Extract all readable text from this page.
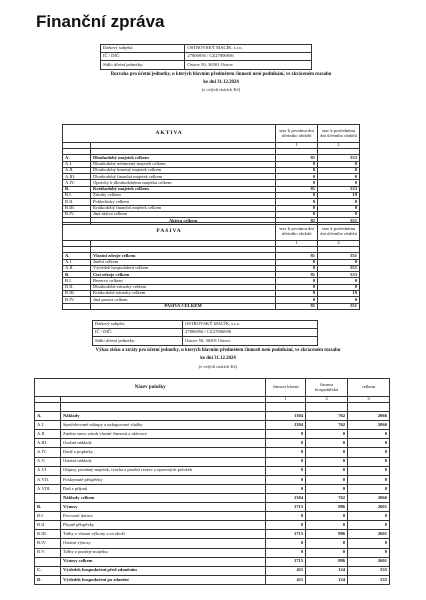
Finanční zpráva
Daňový subjekt:	OSTROVSKÝ MACÍK, s.r.o.
IČ / DIČ:	27806956 / CZ27806956
Sídlo účetní jednotky:	Ostrov 50, 36301 Ostrov
Rozvaha pro účetní jednotky, u kterých hlavním předmětem činnosti není podnikání, ve zkráceném rozsahu
ke dni 31.12.2024
(v celých tisících Kč)
AKTIVA		stav k prvnímu dni účetního období	stav k poslednímu dni účetního období
		1	2

A.	Dlouhodobý majetek celkem	81	533
A.I.	Dlouhodobý nehmotný majetek celkem	0	0
A.II.	Dlouhodobý hmotný majetek celkem	0	0
A.III.	Dlouhodobý finanční majetek celkem	0	0
A.IV.	Oprávky k dlouhodobému majetku celkem	0	0
B.	Krátkodobý majetek celkem	81	533
B.I.	Zásoby celkem	0	19
B.II.	Pohledávky celkem	0	0
B.III.	Krátkodobý finanční majetek celkem	0	0
B.IV.	Jiná aktiva celkem	0	0
	Aktiva celkem	81	551
PASIVA		stav k prvnímu dni účetního období	stav k poslednímu dni účetního období
		1	2

A.	Vlastní zdroje celkem	81	551
A.I.	Jmění celkem	0	0
A.II.	Výsledek hospodaření celkem	0	551
B.	Cizí zdroje celkem	81	533
B.I.	Rezervy celkem	0	0
B.II.	Dlouhodobé závazky celkem	0	0
B.III.	Krátkodobé závazky celkem	0	19
B.IV.	Jiná pasiva celkem	0	0
	PASIVA CELKEM	81	551
Daňový subjekt:	OSTROVSKÝ MACÍK, s.r.o.
IČ / DIČ:	27806956 / CZ27806956
Sídlo účetní jednotky:	Ostrov 50, 36301 Ostrov
Výkaz zisku a ztráty pro účetní jednotky, u kterých hlavním předmětem činnosti není podnikání, ve zkráceném rozsahu
ke dni 31.12.2024
(v celých tisících Kč)
Název položky		činnost hlavní	činnost hospodářská	celkem
		1	2	3

A.	Náklady	1304	762	2066
A.I.	Spotřebované nákupy a nakupované služby	1304	762	2066
A.II.	Změna stavu zásob vlastní činnosti a aktivace	0	0	0
A.III.	Osobní náklady	0	0	0
A.IV.	Daně a poplatky	0	0	0
A.V.	Ostatní náklady	0	0	0
A.VI.	Odpisy, prodaný majetek, tvorba a použití rezerv a opravných položek	0	0	0
A.VII.	Poskytnuté příspěvky	0	0	0
A.VIII.	Daň z příjmů	0	0	0
	Náklady celkem	1304	762	2066
B.	Výnosy	1715	886	2601
B.I.	Provozní dotace	0	0	0
B.II.	Přijaté příspěvky	0	0	0
B.III.	Tržby z vlastní výkony a za zboží	1715	886	2601
B.IV.	Ostatní výnosy	0	0	0
B.V.	Tržby z prodeje majetku	0	0	0
	Výnosy celkem	1715	886	2601
C.	Výsledek hospodaření před zdaněním	411	124	535
D.	Výsledek hospodaření po zdanění	411	124	535
